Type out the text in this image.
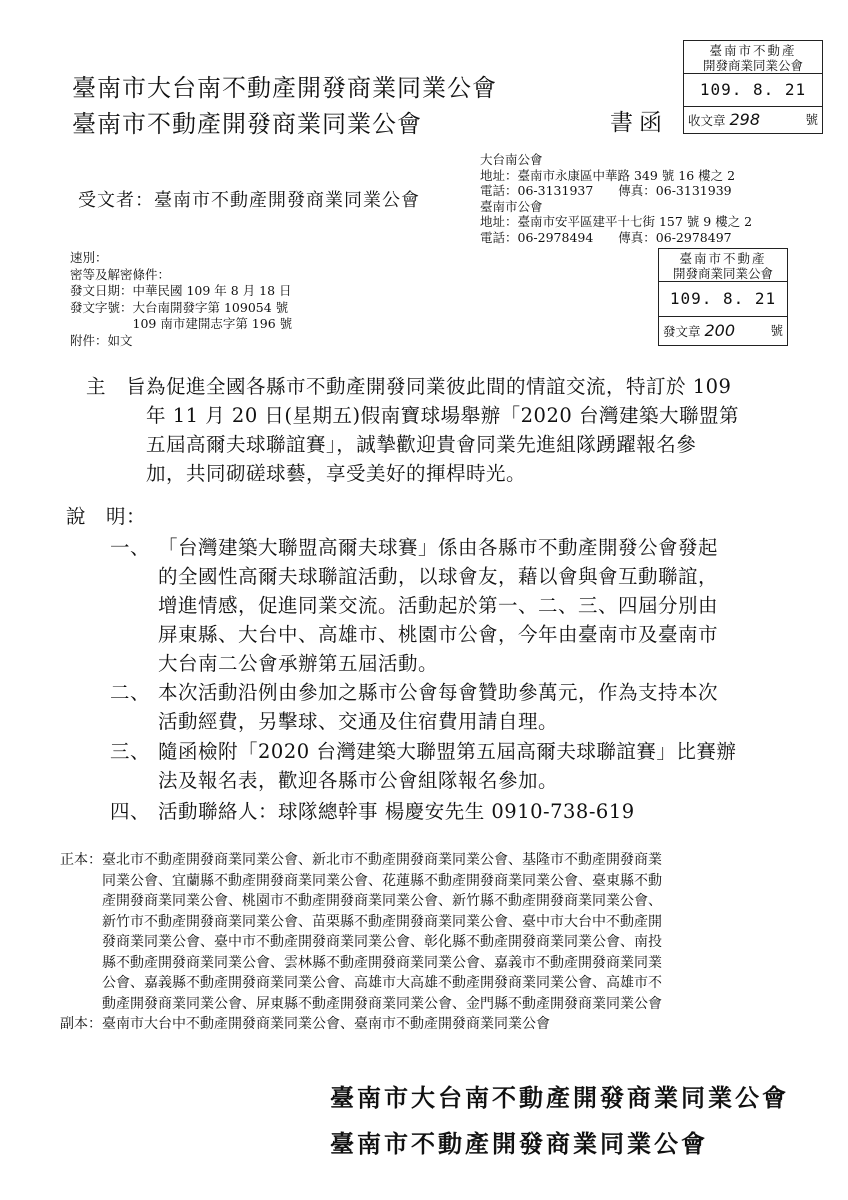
臺南市大台南不動產開發商業同業公會
臺南市不動產開發商業同業公會	書函
臺南市不動產
開發商業同業公會
109. 8. 21
收文章 298	號
大台南公會
地址：臺南市永康區中華路 349 號 16 樓之 2
電話：06-3131937　　傳真：06-3131939
臺南市公會
地址：臺南市安平區建平十七街 157 號 9 樓之 2
電話：06-2978494　　傳真：06-2978497
受文者：臺南市不動產開發商業同業公會
臺南市不動產
開發商業同業公會
109. 8. 21
發文章 200	號
速別：
密等及解密條件：
發文日期：中華民國 109 年 8 月 18 日
發文字號：大台南開發字第 109054 號
　　　　　109 南市建開志字第 196 號
附件：如文
主　旨：
為促進全國各縣市不動產開發同業彼此間的情誼交流，特訂於 109
年 11 月 20 日(星期五)假南寶球場舉辦「2020 台灣建築大聯盟第
五屆高爾夫球聯誼賽」，誠摯歡迎貴會同業先進組隊踴躍報名參
加，共同砌磋球藝，享受美好的揮桿時光。
說　明：
一、 「台灣建築大聯盟高爾夫球賽」係由各縣市不動產開發公會發起
的全國性高爾夫球聯誼活動，以球會友，藉以會與會互動聯誼，
增進情感，促進同業交流。活動起於第一、二、三、四屆分別由
屏東縣、大台中、高雄市、桃園市公會，今年由臺南市及臺南市
大台南二公會承辦第五屆活動。
二、 本次活動沿例由參加之縣市公會每會贊助參萬元，作為支持本次
活動經費，另擊球、交通及住宿費用請自理。
三、 隨函檢附「2020 台灣建築大聯盟第五屆高爾夫球聯誼賽」比賽辦
法及報名表，歡迎各縣市公會組隊報名參加。
四、 活動聯絡人：球隊總幹事 楊慶安先生 0910-738-619
正本： 臺北市不動產開發商業同業公會、新北市不動產開發商業同業公會、基隆市不動產開發商業
同業公會、宜蘭縣不動產開發商業同業公會、花蓮縣不動產開發商業同業公會、臺東縣不動
產開發商業同業公會、桃園市不動產開發商業同業公會、新竹縣不動產開發商業同業公會、
新竹市不動產開發商業同業公會、苗栗縣不動產開發商業同業公會、臺中市大台中不動產開
發商業同業公會、臺中市不動產開發商業同業公會、彰化縣不動產開發商業同業公會、南投
縣不動產開發商業同業公會、雲林縣不動產開發商業同業公會、嘉義市不動產開發商業同業
公會、嘉義縣不動產開發商業同業公會、高雄市大高雄不動產開發商業同業公會、高雄市不
動產開發商業同業公會、屏東縣不動產開發商業同業公會、金門縣不動產開發商業同業公會
副本： 臺南市大台中不動產開發商業同業公會、臺南市不動產開發商業同業公會
臺南市大台南不動產開發商業同業公會
臺南市不動產開發商業同業公會
